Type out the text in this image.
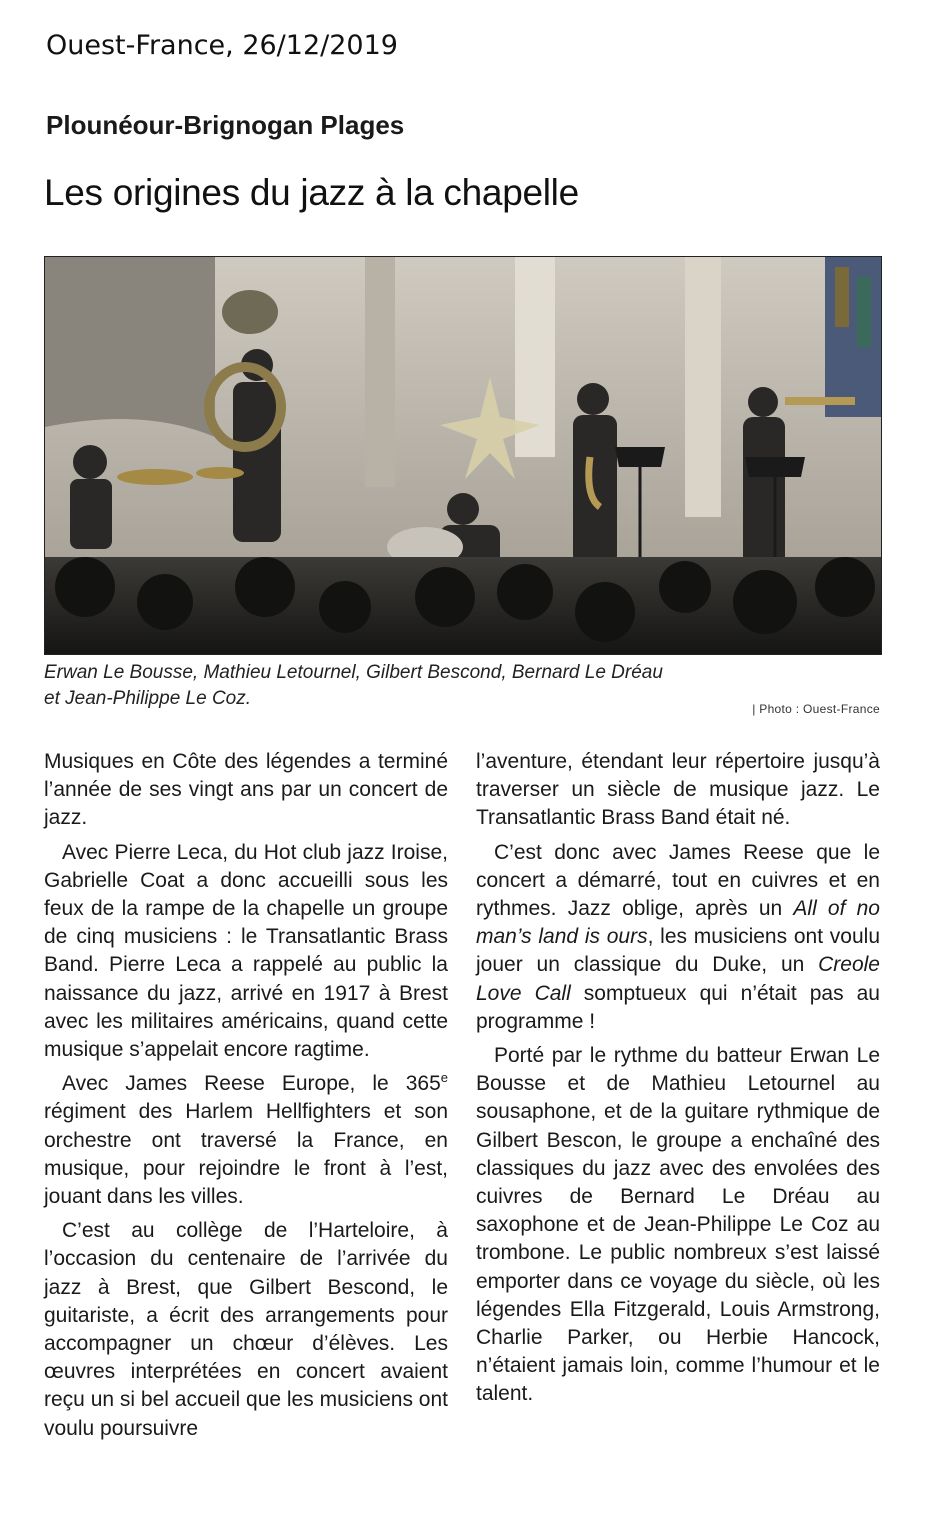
Ouest-France, 26/12/2019
Plounéour-Brignogan Plages
Les origines du jazz à la chapelle
Erwan Le Bousse, Mathieu Letournel, Gilbert Bescond, Bernard Le Dréau
et Jean-Philippe Le Coz.	| Photo : Ouest-France

Musiques en Côte des légendes a terminé l’année de ses vingt ans par un concert de jazz.

Avec Pierre Leca, du Hot club jazz Iroise, Gabrielle Coat a donc accueilli sous les feux de la rampe de la chapelle un groupe de cinq musiciens : le Transatlantic Brass Band. Pierre Leca a rappelé au public la naissance du jazz, arrivé en 1917 à Brest avec les militaires américains, quand cette musique s’appelait encore ragtime.

Avec James Reese Europe, le 365e régiment des Harlem Hellfighters et son orchestre ont traversé la France, en musique, pour rejoindre le front à l’est, jouant dans les villes.

C’est au collège de l’Harteloire, à l’occasion du centenaire de l’arrivée du jazz à Brest, que Gilbert Bescond, le guitariste, a écrit des arrangements pour accompagner un chœur d’élèves. Les œuvres interprétées en concert avaient reçu un si bel accueil que les musiciens ont voulu poursuivre

l’aventure, étendant leur répertoire jusqu’à traverser un siècle de musique jazz. Le Transatlantic Brass Band était né.

C’est donc avec James Reese que le concert a démarré, tout en cuivres et en rythmes. Jazz oblige, après un All of no man’s land is ours, les musiciens ont voulu jouer un classique du Duke, un Creole Love Call somptueux qui n’était pas au programme !

Porté par le rythme du batteur Erwan Le Bousse et de Mathieu Letournel au sousaphone, et de la guitare rythmique de Gilbert Bescon, le groupe a enchaîné des classiques du jazz avec des envolées des cuivres de Bernard Le Dréau au saxophone et de Jean-Philippe Le Coz au trombone. Le public nombreux s’est laissé emporter dans ce voyage du siècle, où les légendes Ella Fitzgerald, Louis Armstrong, Charlie Parker, ou Herbie Hancock, n’étaient jamais loin, comme l’humour et le talent.
